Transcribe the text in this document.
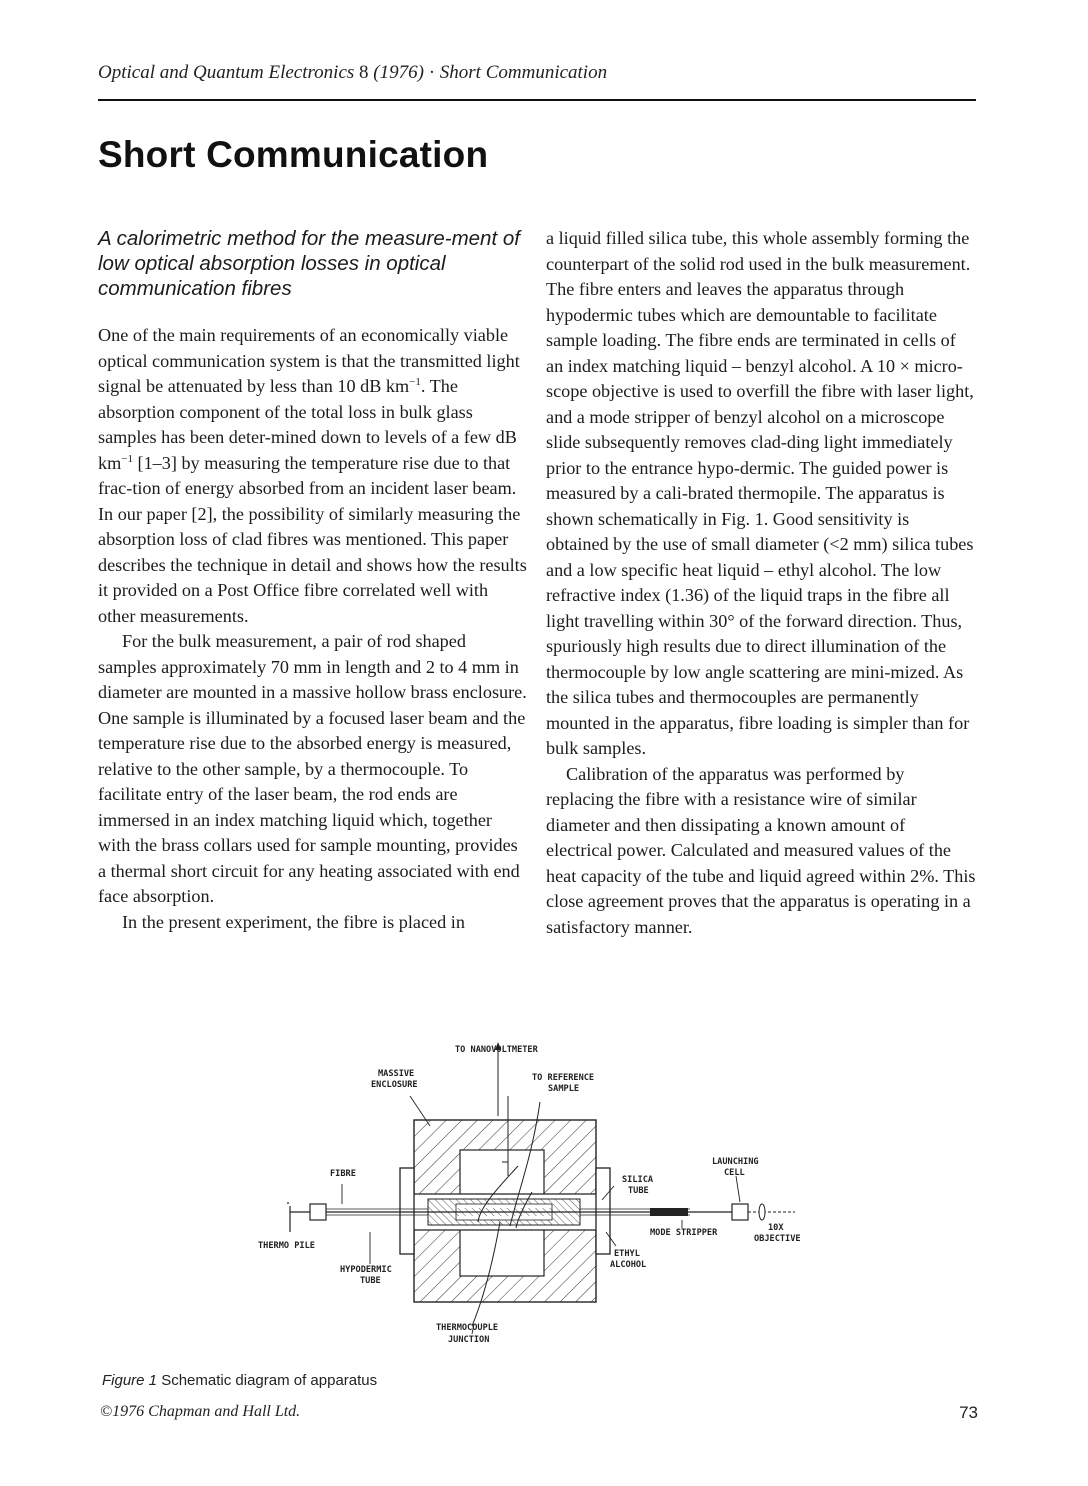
Optical and Quantum Electronics 8 (1976) · Short Communication
Short Communication
A calorimetric method for the measure-ment of low optical absorption losses in optical communication fibres

One of the main requirements of an economically viable optical communication system is that the transmitted light signal be attenuated by less than 10 dB $km^{-1}$. The absorption component of the total loss in bulk glass samples has been deter-mined down to levels of a few dB $km^{-1}$ [1–3] by measuring the temperature rise due to that frac-tion of energy absorbed from an incident laser beam. In our paper [2], the possibility of similarly measuring the absorption loss of clad fibres was mentioned. This paper describes the technique in detail and shows how the results it provided on a Post Office fibre correlated well with other measurements.

For the bulk measurement, a pair of rod shaped samples approximately 70 mm in length and 2 to 4 mm in diameter are mounted in a massive hollow brass enclosure. One sample is illuminated by a focused laser beam and the temperature rise due to the absorbed energy is measured, relative to the other sample, by a thermocouple. To facilitate entry of the laser beam, the rod ends are immersed in an index matching liquid which, together with the brass collars used for sample mounting, provides a thermal short circuit for any heating associated with end face absorption.

In the present experiment, the fibre is placed in

a liquid filled silica tube, this whole assembly forming the counterpart of the solid rod used in the bulk measurement. The fibre enters and leaves the apparatus through hypodermic tubes which are demountable to facilitate sample loading. The fibre ends are terminated in cells of an index matching liquid – benzyl alcohol. A 10 × micro-scope objective is used to overfill the fibre with laser light, and a mode stripper of benzyl alcohol on a microscope slide subsequently removes clad-ding light immediately prior to the entrance hypo-dermic. The guided power is measured by a cali-brated thermopile. The apparatus is shown schematically in Fig. 1. Good sensitivity is obtained by the use of small diameter (<2 mm) silica tubes and a low specific heat liquid – ethyl alcohol. The low refractive index (1.36) of the liquid traps in the fibre all light travelling within 30° of the forward direction. Thus, spuriously high results due to direct illumination of the thermocouple by low angle scattering are mini-mized. As the silica tubes and thermocouples are permanently mounted in the apparatus, fibre loading is simpler than for bulk samples.

Calibration of the apparatus was performed by replacing the fibre with a resistance wire of similar diameter and then dissipating a known amount of electrical power. Calculated and measured values of the heat capacity of the tube and liquid agreed within 2%. This close agreement proves that the apparatus is operating in a satisfactory manner.

TO NANOVOLTMETER
MASSIVE
ENCLOSURE
TO REFERENCE
SAMPLE
FIBRE
SILICA
TUBE
LAUNCHING
CELL
THERMO PILE
MODE STRIPPER	10X
OBJECTIVE
ETHYL
ALCOHOL
HYPODERMIC
TUBE
THERMOCOUPLE
JUNCTION
Figure 1 Schematic diagram of apparatus
©1976 Chapman and Hall Ltd.	73
